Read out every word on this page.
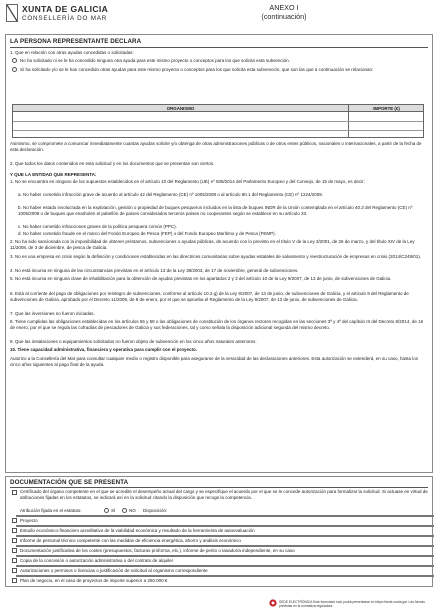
XUNTA DE GALICIA
CONSELLERÍA DO MAR
ANEXO I
(continuación)
LA PERSONA REPRESENTANTE DECLARA
1. Que en relación con otras ayudas concedidas o solicitadas:
No ha solicitado ni se le ha concedido ninguna otra ayuda para este mismo proyecto o conceptos para los que solicita esta subvención.
Sí ha solicitado y/o se le han concedido otras ayudas para este mismo proyecto o conceptos para los que solicita esta subvención, que son las que a continuación se relacionan:
Asimismo, se compromete a comunicar inmediatamente cuantas ayudas solicite y/o obtenga de otras administraciones públicas o de otros entes públicos, nacionales o internacionales, a partir de la fecha de esta declaración.
2. Que todos los datos contenidos en esta solicitud y en los documentos que se presentan son ciertos.
Y QUE LA ENTIDAD QUE REPRESENTA:
1. No se encuentra en ninguno de los supuestos establecidos en el artículo 10 del Reglamento (UE) nº 508/2014 del Parlamento Europeo y del Consejo, de 15 de mayo, es decir:
a. No haber cometido infracción grave de acuerdo al artículo 42 del Reglamento (CE) nº 1005/2008 o al artículo 90.1 del Reglamento (CE) nº 1224/2009.
b. No haber estado involucrada en la explotación, gestión o propiedad de buques pesqueros incluidos en la lista de buques INDR de la Unión contemplada en el artículo 40.3 del Reglamento (CE) nº 1005/2008 o de buques que enarbolen el pabellón de países considerados terceros países no cooperantes según se establece en su artículo 33.
c. No haber cometido infracciones graves de la política pesquera común (PPC).
d. No haber cometido fraude en el marco del Fondo Europeo de Pesca (FEP) o del Fondo Europeo Marítimo y de Pesca (FEMP).
2. No ha sido sancionada con la imposibilidad de obtener préstamos, subvenciones o ayudas públicas, de acuerdo con lo previsto en el título V de la Ley 3/2001, de 26 de marzo, y del título XIV de la Ley 11/2008, de 3 de diciembre, de pesca de Galicia.
3. No es una empresa en crisis según la definición y condiciones establecidas en las directrices comunitarias sobre ayudas estatales de salvamento y reestructuración de empresas en crisis (2014/C249/01).
4. No está incursa en ninguna de las circunstancias previstas en el artículo 13 de la Ley 38/2003, de 17 de noviembre, general de subvenciones.
5. No está incursa en ninguna clase de inhabilitación para la obtención de ayudas previstas en los apartados 2 y 3 del artículo 10 de la Ley 9/2007, de 13 de junio, de subvenciones de Galicia.
6. Está al corriente del pago de obligaciones por reintegro de subvenciones, conforme al artículo 10.2.g) de la Ley 9/2007, de 13 de junio, de subvenciones de Galicia, y el artículo 9 del Reglamento de subvenciones de Galicia, aprobado por el Decreto 11/2009, de 8 de enero, por el que se aprueba el Reglamento de la Ley 9/2007, de 13 de junio, de subvenciones de Galicia.
7. Que las inversiones no fueron iniciadas.
8. Tiene cumplidas las obligaciones establecidas en los artículos 55 y 58 o las obligaciones de constitución de los órganos rectores recogidas en las secciones 3ª y 4ª del capítulo III del Decreto 8/2014, de 16 de enero, por el que se regula las cofradías de pescadores de Galicia y sus federaciones, tal y como señala la disposición adicional segunda del mismo decreto.
9. Que las instalaciones o equipamientos solicitados no fueron objeto de subvención en los cinco años naturales anteriores.
10. Tiene capacidad administrativa, financiera y operativa para cumplir con el proyecto.
Autorizo a la Consellería del Mar para consultar cualquier medio o registro disponible para asegurarse de la veracidad de las declaraciones anteriores. Esta autorización se extenderá, en su caso, hasta los cinco años siguientes al pago final de la ayuda.
ORGANISMO	IMPORTE (€)
DOCUMENTACIÓN QUE SE PRESENTA
Certificado del órgano competente en el que se acredite el desempeño actual del cargo y se especifique el acuerdo por el que se le concede autorización para formalizar la solicitud. Si actuase en virtud de atribuciones fijadas en los estatutos, se indicará así en la solicitud citando la disposición que recoge la competencia.
Atribución fijada en el estatuto:	SÍ	NO Disposición:
Proyecto
Estudio económico-financiero acreditativo de la viabilidad económica y resultado de la herramienta de autoevaluación
Informe de personal técnico competente con las medidas de eficiencia energética, ahorro y análisis económico
Documentación justificativa de los costes (presupuestos, facturas proforma, etc.), informe de perito o tasador/a independiente, en su caso
Copia de la concesión o autorización administrativa o del contrato de alquiler
Autorizaciones o permisos o licencias o justificación de solicitud al organismo correspondiente
Plan de negocio, en el caso de proyectos de importe superior a 250.000 €
SEDE ELECTRÓNICA Este formulario solo podrá presentarse en https://sede.xunta.gal. Las formas previstas en la normativa reguladora
